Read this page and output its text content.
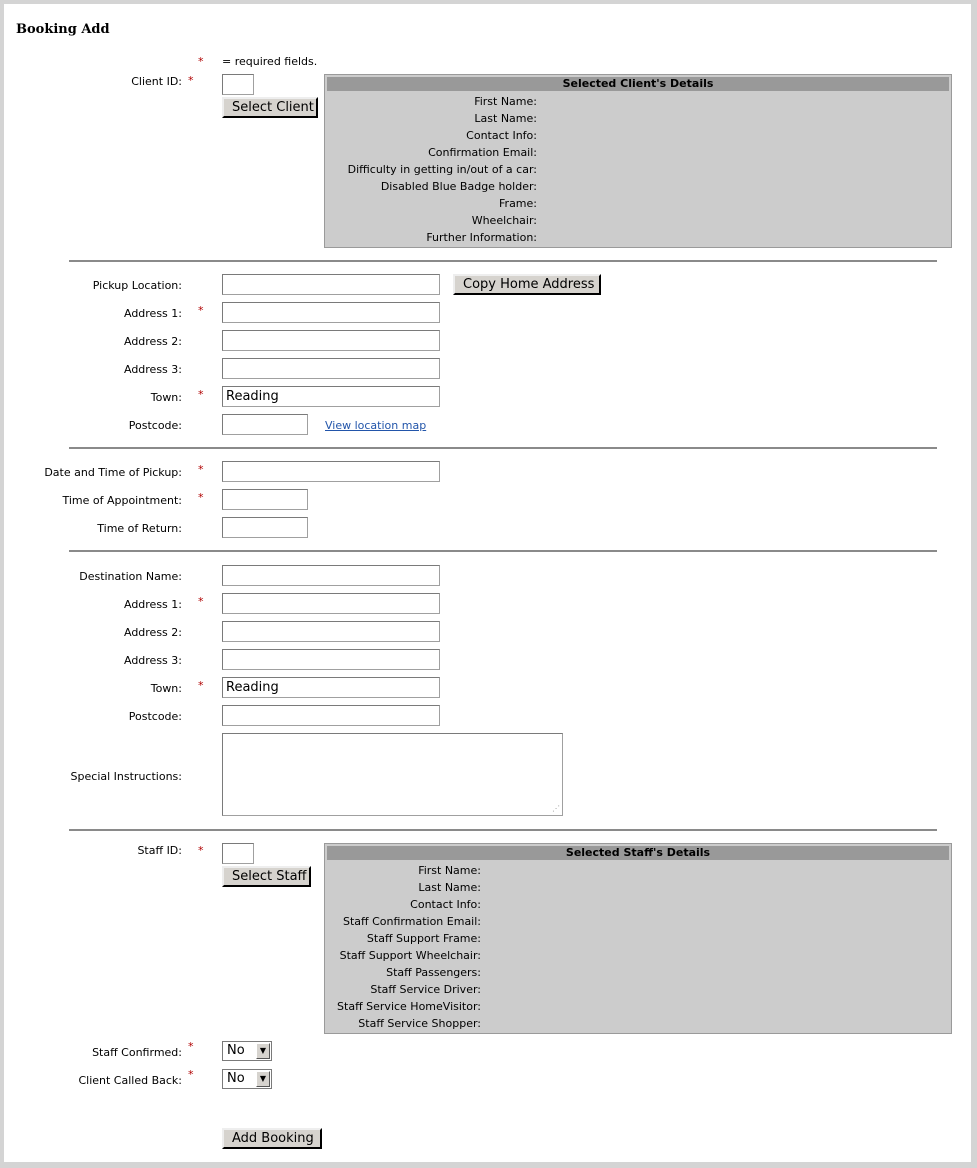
Booking Add
* = required fields.
Client ID: *
Select Client
Selected Client's Details
First Name:
Last Name:
Contact Info:
Confirmation Email:
Difficulty in getting in/out of a car:
Disabled Blue Badge holder:
Frame:
Wheelchair:
Further Information:
Pickup Location:	Copy Home Address
Address 1: *
Address 2:
Address 3:
Town: *
Reading
Postcode:	View location map
Date and Time of Pickup: *
Time of Appointment: *
Time of Return:
Destination Name:
Address 1: *
Address 2:
Address 3:
Town: *
Reading
Postcode:
Special Instructions:
⋰
Staff ID: *
Select Staff
Selected Staff's Details
First Name:
Last Name:
Contact Info:
Staff Confirmation Email:
Staff Support Frame:
Staff Support Wheelchair:
Staff Passengers:
Staff Service Driver:
Staff Service HomeVisitor:
Staff Service Shopper:
Staff Confirmed: *	No	▼
Client Called Back: *	No	▼
Add Booking
